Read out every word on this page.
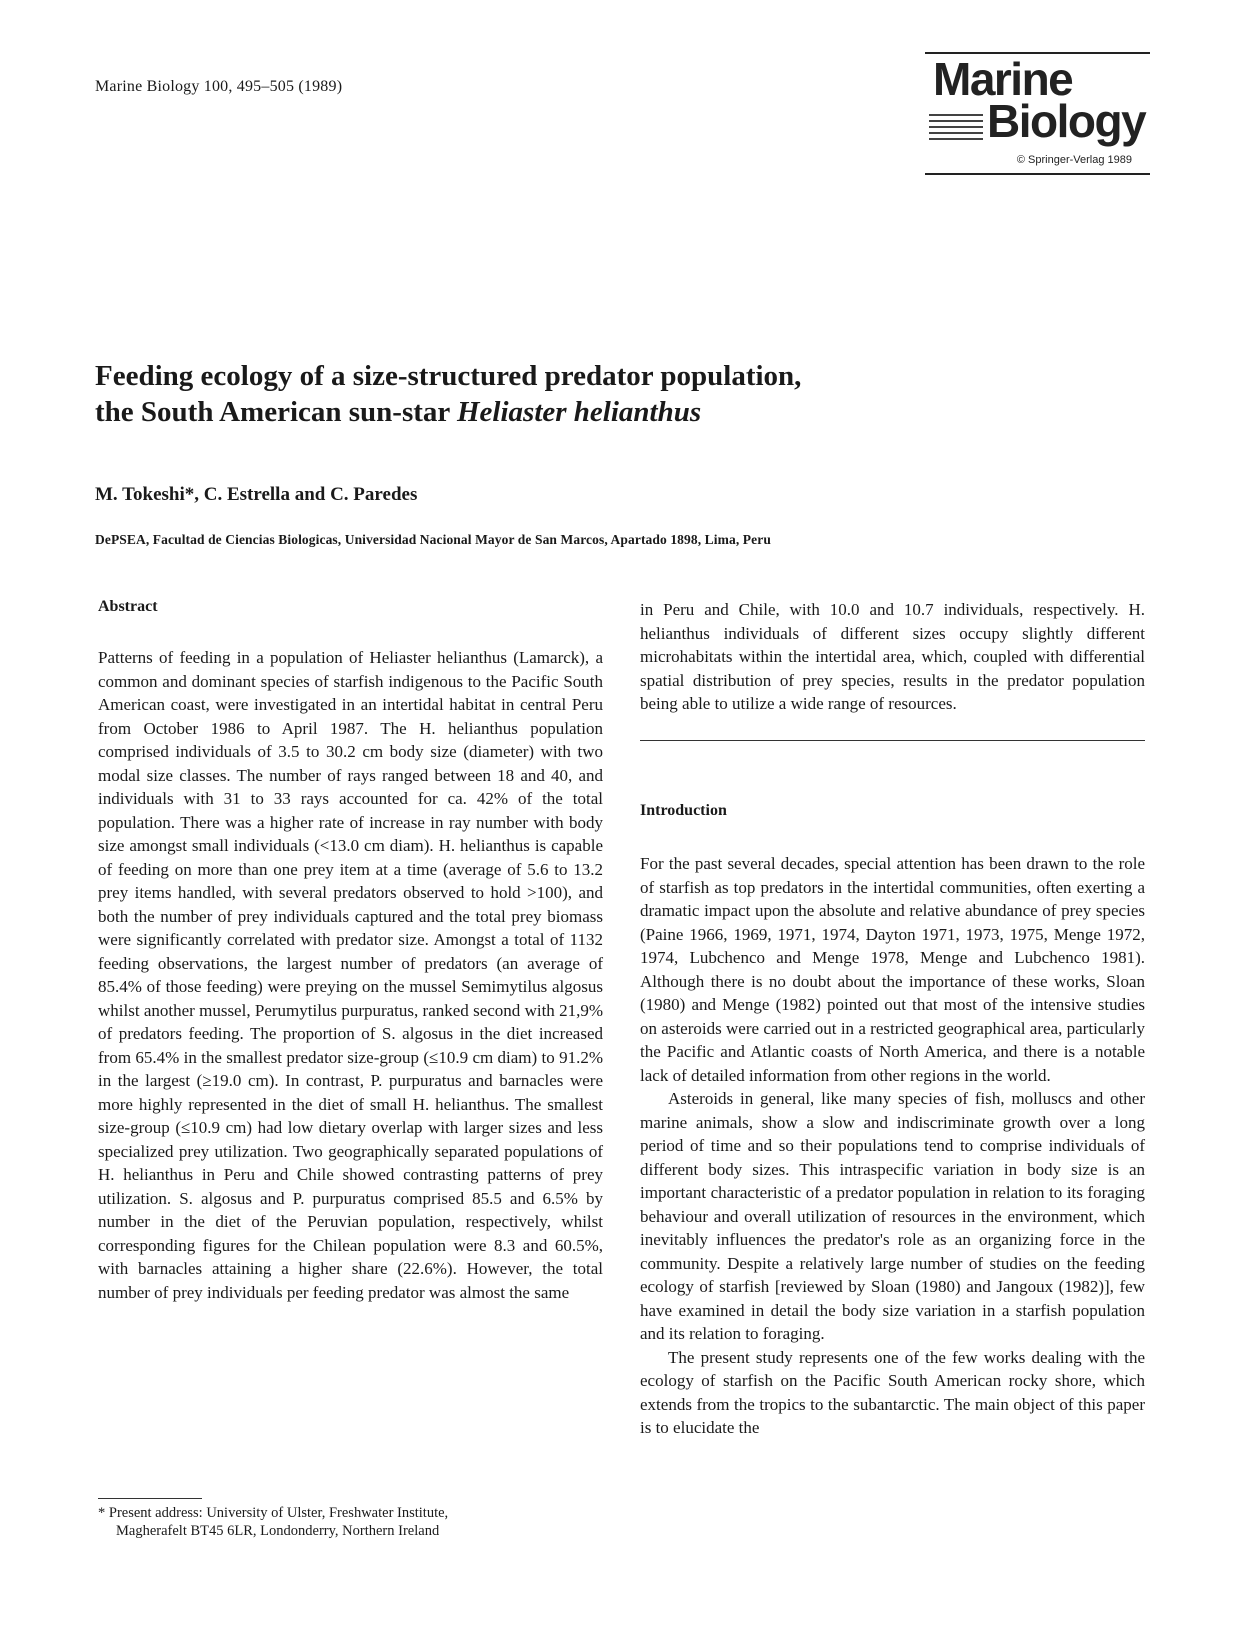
Marine Biology 100, 495–505 (1989)	Marine
Biology
© Springer-Verlag 1989
Feeding ecology of a size-structured predator population,
the South American sun-star Heliaster helianthus
M. Tokeshi*, C. Estrella and C. Paredes
DePSEA, Facultad de Ciencias Biologicas, Universidad Nacional Mayor de San Marcos, Apartado 1898, Lima, Peru
Abstract

Patterns of feeding in a population of Heliaster helianthus (Lamarck), a common and dominant species of starfish indigenous to the Pacific South American coast, were investigated in an intertidal habitat in central Peru from October 1986 to April 1987. The H. helianthus population comprised individuals of 3.5 to 30.2 cm body size (diameter) with two modal size classes. The number of rays ranged between 18 and 40, and individuals with 31 to 33 rays accounted for ca. 42% of the total population. There was a higher rate of increase in ray number with body size amongst small individuals (<13.0 cm diam). H. helianthus is capable of feeding on more than one prey item at a time (average of 5.6 to 13.2 prey items handled, with several predators observed to hold >100), and both the number of prey individuals captured and the total prey biomass were significantly correlated with predator size. Amongst a total of 1132 feeding observations, the largest number of predators (an average of 85.4% of those feeding) were preying on the mussel Semimytilus algosus whilst another mussel, Perumytilus purpuratus, ranked second with 21,9% of predators feeding. The proportion of S. algosus in the diet increased from 65.4% in the smallest predator size-group (≤10.9 cm diam) to 91.2% in the largest (≥19.0 cm). In contrast, P. purpuratus and barnacles were more highly represented in the diet of small H. helianthus. The smallest size-group (≤10.9 cm) had low dietary overlap with larger sizes and less specialized prey utilization. Two geographically separated populations of H. helianthus in Peru and Chile showed contrasting patterns of prey utilization. S. algosus and P. purpuratus comprised 85.5 and 6.5% by number in the diet of the Peruvian population, respectively, whilst corresponding figures for the Chilean population were 8.3 and 60.5%, with barnacles attaining a higher share (22.6%). However, the total number of prey individuals per feeding predator was almost the same

in Peru and Chile, with 10.0 and 10.7 individuals, respectively. H. helianthus individuals of different sizes occupy slightly different microhabitats within the intertidal area, which, coupled with differential spatial distribution of prey species, results in the predator population being able to utilize a wide range of resources.

Introduction

For the past several decades, special attention has been drawn to the role of starfish as top predators in the intertidal communities, often exerting a dramatic impact upon the absolute and relative abundance of prey species (Paine 1966, 1969, 1971, 1974, Dayton 1971, 1973, 1975, Menge 1972, 1974, Lubchenco and Menge 1978, Menge and Lubchenco 1981). Although there is no doubt about the importance of these works, Sloan (1980) and Menge (1982) pointed out that most of the intensive studies on asteroids were carried out in a restricted geographical area, particularly the Pacific and Atlantic coasts of North America, and there is a notable lack of detailed information from other regions in the world.

Asteroids in general, like many species of fish, molluscs and other marine animals, show a slow and indiscriminate growth over a long period of time and so their populations tend to comprise individuals of different body sizes. This intraspecific variation in body size is an important characteristic of a predator population in relation to its foraging behaviour and overall utilization of resources in the environment, which inevitably influences the predator's role as an organizing force in the community. Despite a relatively large number of studies on the feeding ecology of starfish [reviewed by Sloan (1980) and Jangoux (1982)], few have examined in detail the body size variation in a starfish population and its relation to foraging.

The present study represents one of the few works dealing with the ecology of starfish on the Pacific South American rocky shore, which extends from the tropics to the subantarctic. The main object of this paper is to elucidate the

* Present address: University of Ulster, Freshwater Institute,
Magherafelt BT45 6LR, Londonderry, Northern Ireland
